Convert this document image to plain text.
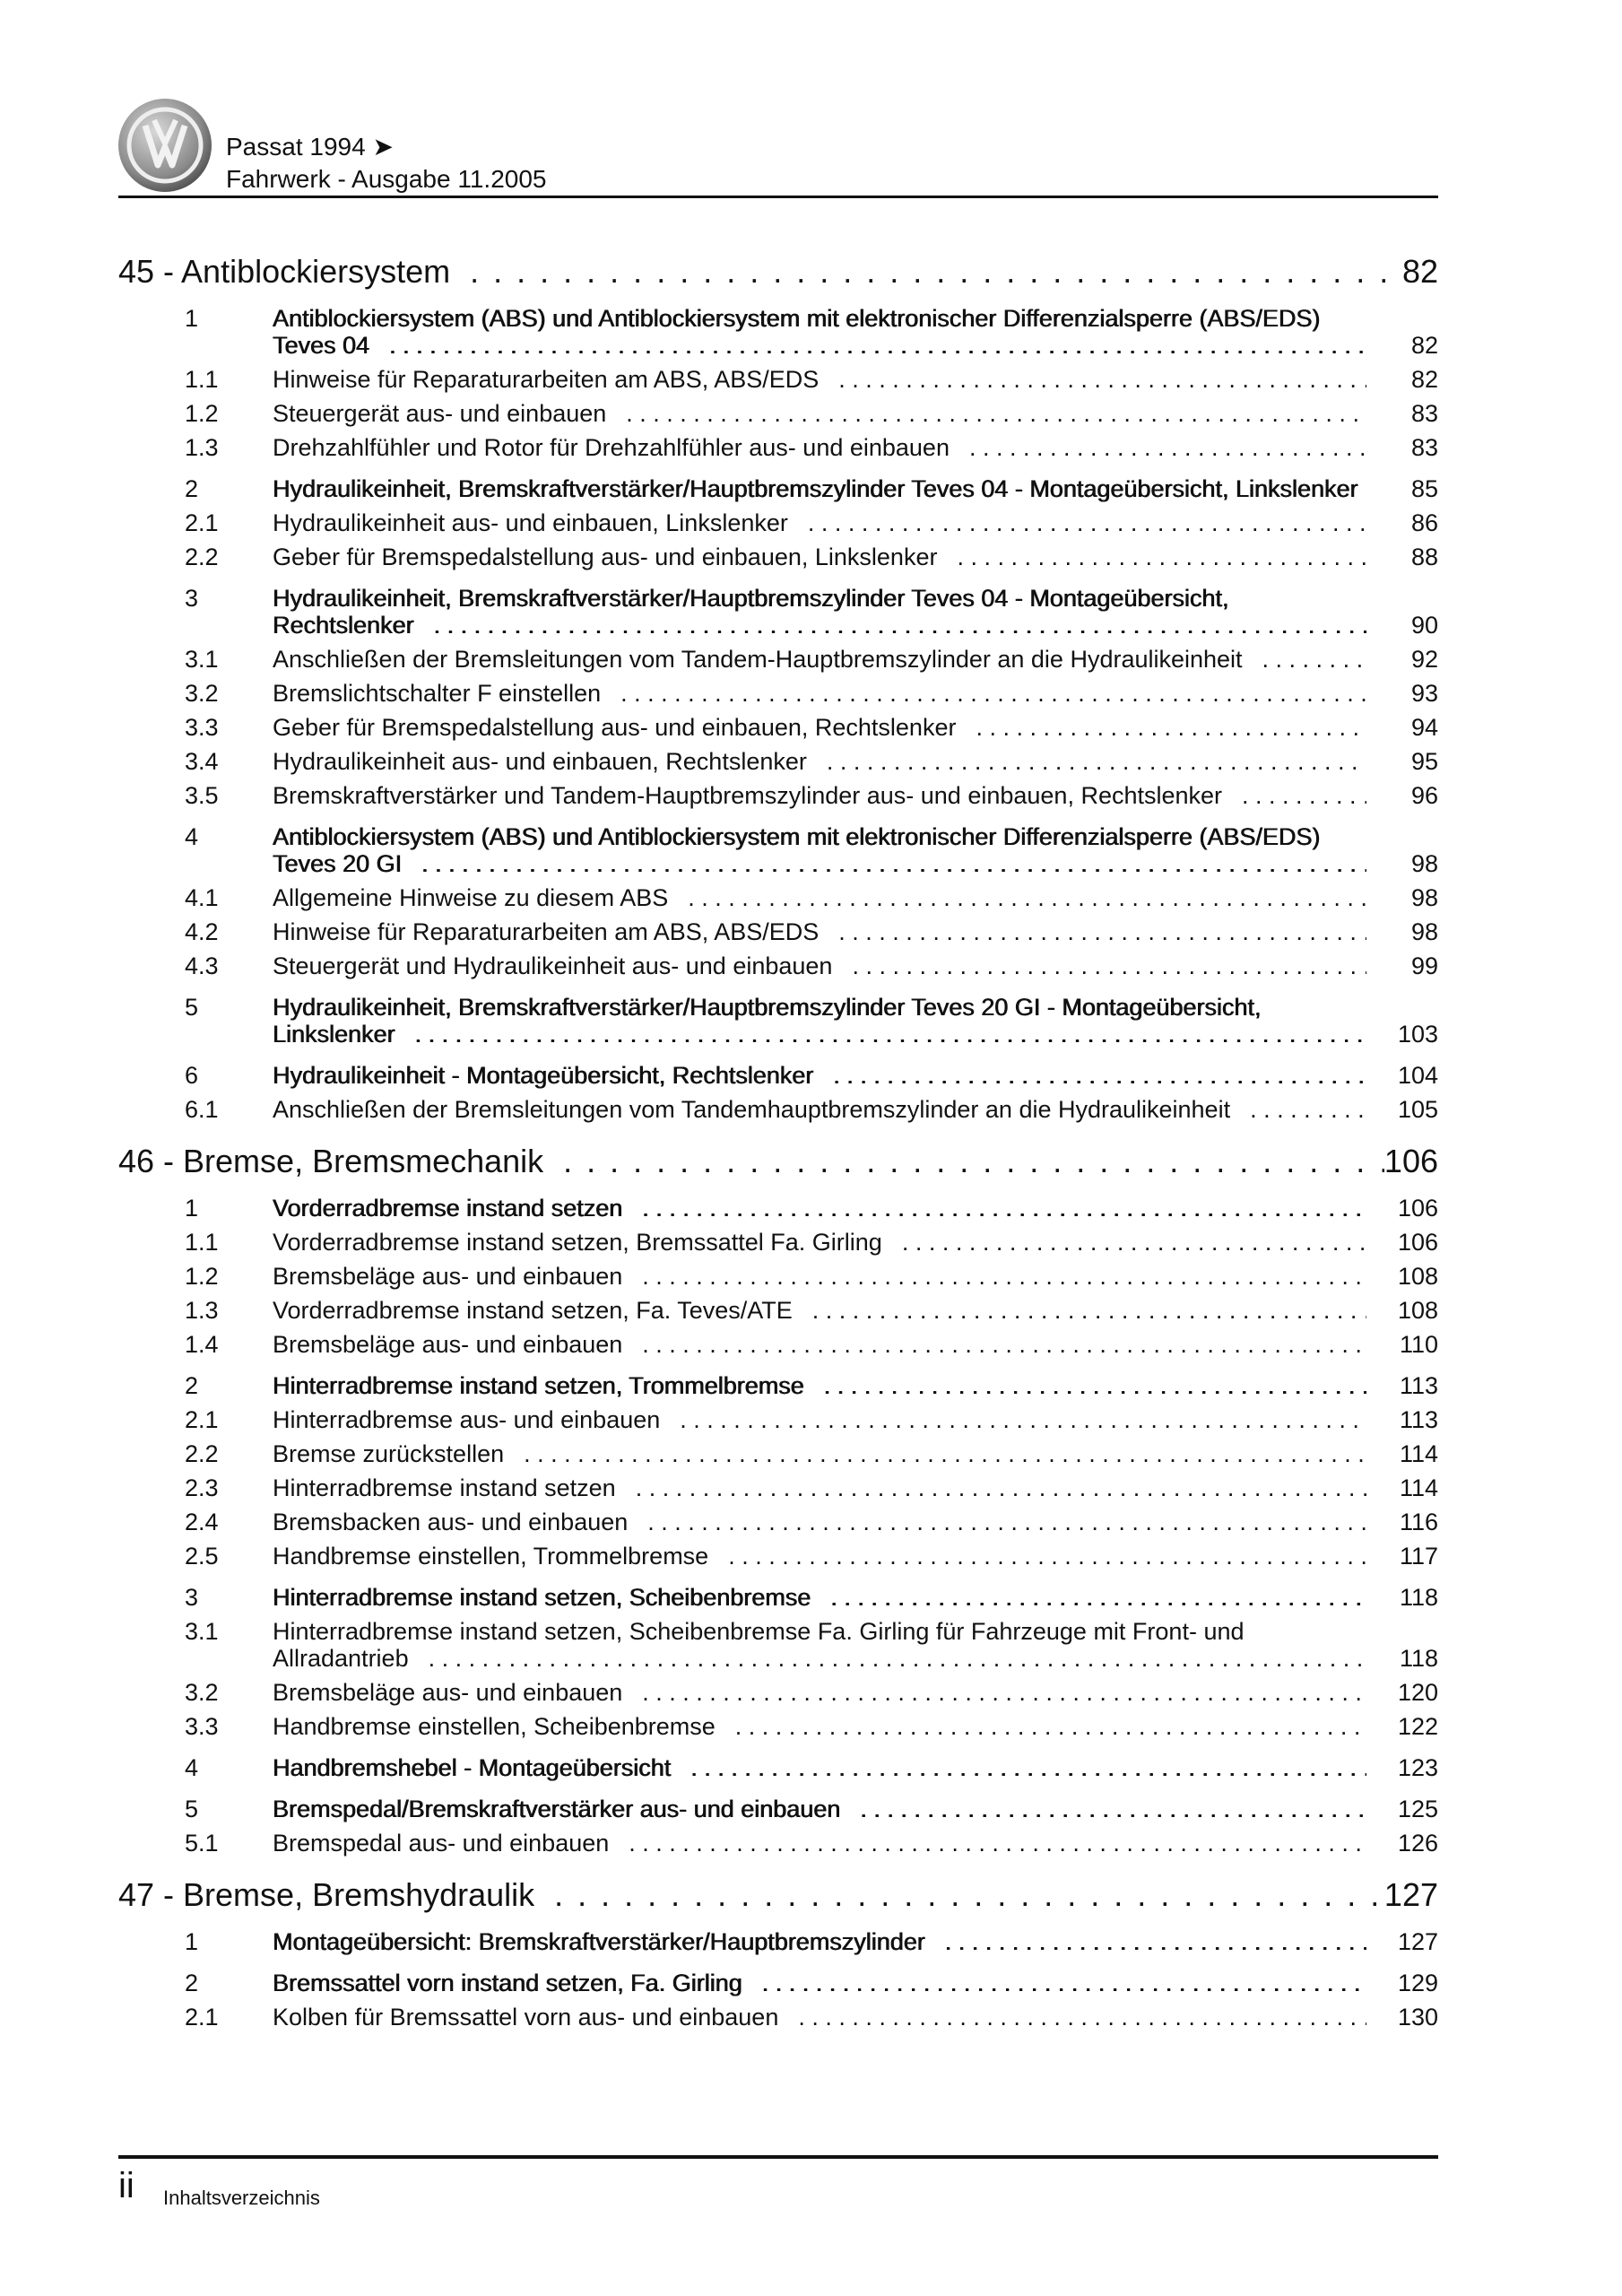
Passat 1994 ➤
Fahrwerk - Ausgabe 11.2005
45 - Antiblockiersystem . . .	82
1	Antiblockiersystem (ABS) und Antiblockiersystem mit elektronischer Differenzialsperre (ABS/EDS) Teves 04 . . .	82
1.1	Hinweise für Reparaturarbeiten am ABS, ABS/EDS . . .	82
1.2	Steuergerät aus- und einbauen . . .	83
1.3	Drehzahlfühler und Rotor für Drehzahlfühler aus- und einbauen . . .	83
2	Hydraulikeinheit, Bremskraftverstärker/Hauptbremszylinder Teves 04 - Montageübersicht, Linkslenker . . .	85
2.1	Hydraulikeinheit aus- und einbauen, Linkslenker . . .	86
2.2	Geber für Bremspedalstellung aus- und einbauen, Linkslenker . . .	88
3	Hydraulikeinheit, Bremskraftverstärker/Hauptbremszylinder Teves 04 - Montageübersicht, Rechtslenker . . .	90
3.1	Anschließen der Bremsleitungen vom Tandem-Hauptbremszylinder an die Hydraulikeinheit . . .	92
3.2	Bremslichtschalter F einstellen . . .	93
3.3	Geber für Bremspedalstellung aus- und einbauen, Rechtslenker . . .	94
3.4	Hydraulikeinheit aus- und einbauen, Rechtslenker . . .	95
3.5	Bremskraftverstärker und Tandem-Hauptbremszylinder aus- und einbauen, Rechtslenker . . .	96
4	Antiblockiersystem (ABS) und Antiblockiersystem mit elektronischer Differenzialsperre (ABS/EDS) Teves 20 GI . . .	98
4.1	Allgemeine Hinweise zu diesem ABS . . .	98
4.2	Hinweise für Reparaturarbeiten am ABS, ABS/EDS . . .	98
4.3	Steuergerät und Hydraulikeinheit aus- und einbauen . . .	99
5	Hydraulikeinheit, Bremskraftverstärker/Hauptbremszylinder Teves 20 GI - Montageübersicht, Linkslenker . . .	103
6	Hydraulikeinheit - Montageübersicht, Rechtslenker . . .	104
6.1	Anschließen der Bremsleitungen vom Tandemhauptbremszylinder an die Hydraulikeinheit . . .	105
46 - Bremse, Bremsmechanik . . .	106
1	Vorderradbremse instand setzen . . .	106
1.1	Vorderradbremse instand setzen, Bremssattel Fa. Girling . . .	106
1.2	Bremsbeläge aus- und einbauen . . .	108
1.3	Vorderradbremse instand setzen, Fa. Teves/ATE . . .	108
1.4	Bremsbeläge aus- und einbauen . . .	110
2	Hinterradbremse instand setzen, Trommelbremse . . .	113
2.1	Hinterradbremse aus- und einbauen . . .	113
2.2	Bremse zurückstellen . . .	114
2.3	Hinterradbremse instand setzen . . .	114
2.4	Bremsbacken aus- und einbauen . . .	116
2.5	Handbremse einstellen, Trommelbremse . . .	117
3	Hinterradbremse instand setzen, Scheibenbremse . . .	118
3.1	Hinterradbremse instand setzen, Scheibenbremse Fa. Girling für Fahrzeuge mit Front- und Allradantrieb . . .	118
3.2	Bremsbeläge aus- und einbauen . . .	120
3.3	Handbremse einstellen, Scheibenbremse . . .	122
4	Handbremshebel - Montageübersicht . . .	123
5	Bremspedal/Bremskraftverstärker aus- und einbauen . . .	125
5.1	Bremspedal aus- und einbauen . . .	126
47 - Bremse, Bremshydraulik . . .	127
1	Montageübersicht: Bremskraftverstärker/Hauptbremszylinder . . .	127
2	Bremssattel vorn instand setzen, Fa. Girling . . .	129
2.1	Kolben für Bremssattel vorn aus- und einbauen . . .	130
ii Inhaltsverzeichnis
